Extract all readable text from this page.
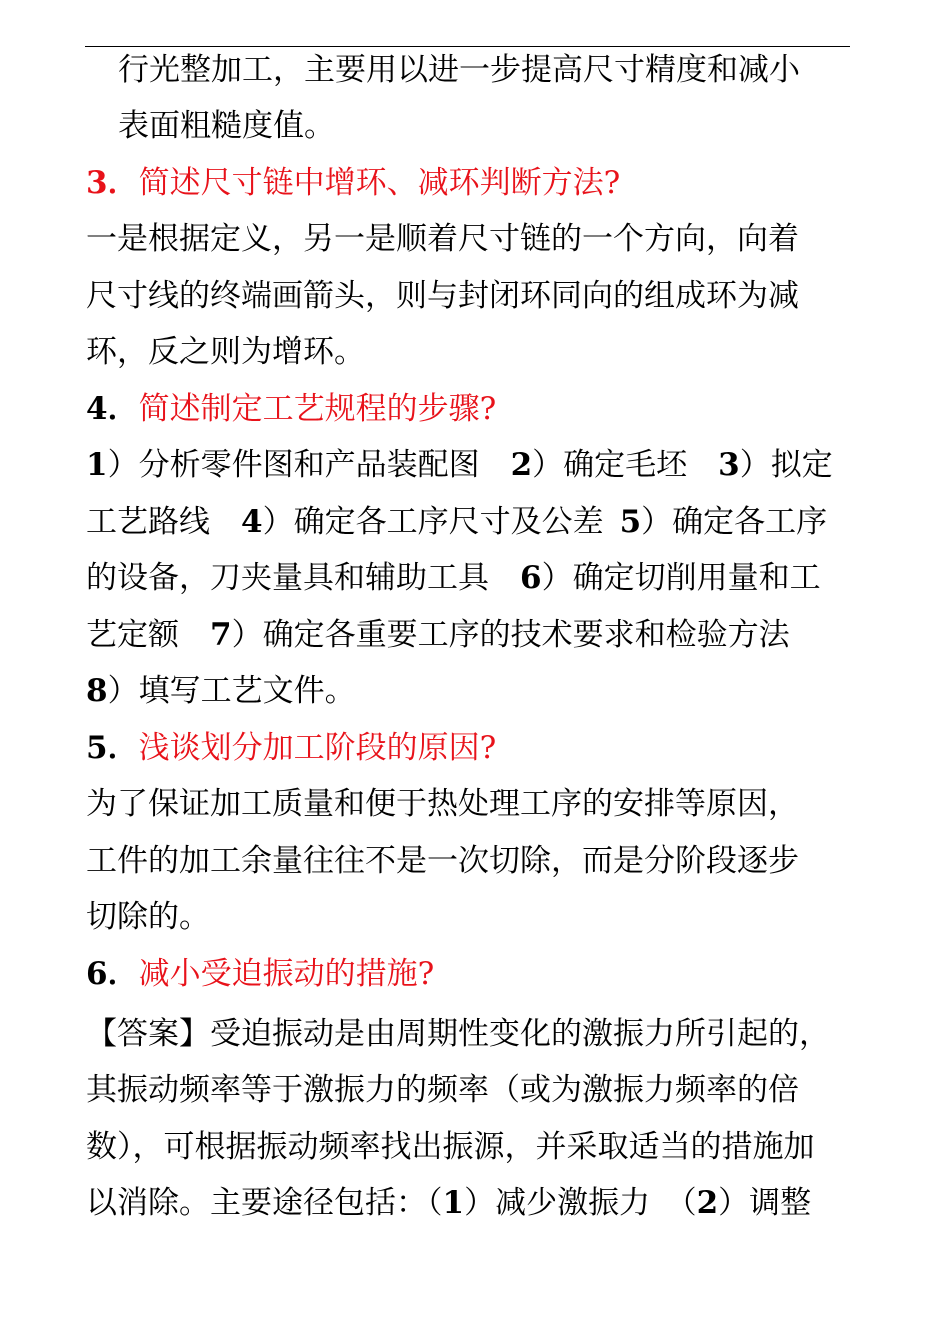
行光整加工，主要用以进一步提高尺寸精度和减小
表面粗糙度值。
3．简述尺寸链中增环、减环判断方法?
一是根据定义，另一是顺着尺寸链的一个方向，向着
尺寸线的终端画箭头，则与封闭环同向的组成环为减
环，反之则为增环。
4．简述制定工艺规程的步骤?
1）分析零件图和产品装配图　2）确定毛坯　3）拟定
工艺路线　4）确定各工序尺寸及公差 5）确定各工序
的设备，刀夹量具和辅助工具　6）确定切削用量和工
艺定额　7）确定各重要工序的技术要求和检验方法
8）填写工艺文件。
5．浅谈划分加工阶段的原因?
为了保证加工质量和便于热处理工序的安排等原因，
工件的加工余量往往不是一次切除，而是分阶段逐步
切除的。
6．减小受迫振动的措施?
【答案】受迫振动是由周期性变化的激振力所引起的，
其振动频率等于激振力的频率（或为激振力频率的倍
数），可根据振动频率找出振源，并采取适当的措施加
以消除。主要途径包括：（1）减少激振力　（2）调整
